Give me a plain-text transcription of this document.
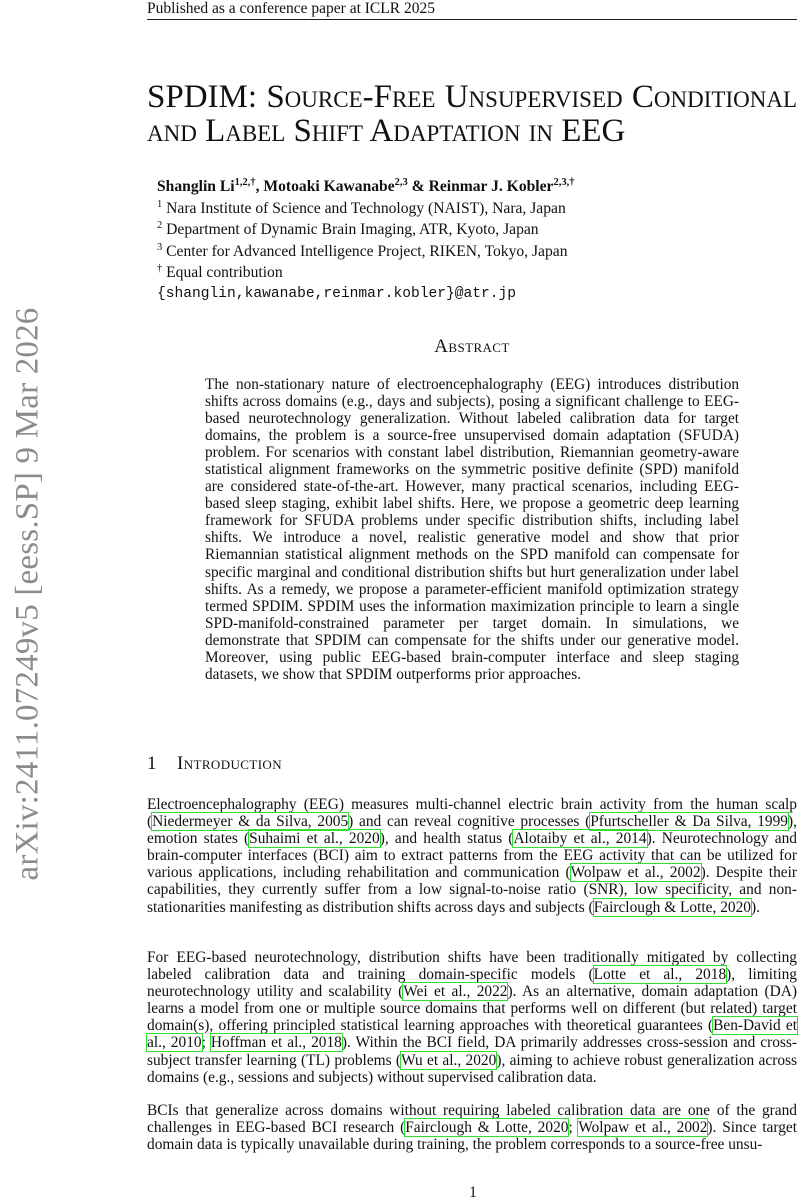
Published as a conference paper at ICLR 2025
arXiv:2411.07249v5 [eess.SP] 9 Mar 2026
SPDIM: Source-Free Unsupervised Conditional and Label Shift Adaptation in EEG
Shanglin $Li^{1,2,\dagger}$, Motoaki Kawanabe$^{2,3}$ & Reinmar J. Kobler$^{2,3,\dagger}$
$^1$ Nara Institute of Science and Technology (NAIST), Nara, Japan
$^2$ Department of Dynamic Brain Imaging, ATR, Kyoto, Japan
$^3$ Center for Advanced Intelligence Project, RIKEN, Tokyo, Japan
† Equal contribution
{shanglin,kawanabe,reinmar.kobler}@atr.jp
Abstract

The non-stationary nature of electroencephalography (EEG) introduces distribution shifts across domains (e.g., days and subjects), posing a significant challenge to EEG-based neurotechnology generalization. Without labeled calibration data for target domains, the problem is a source-free unsupervised domain adaptation (SFUDA) problem. For scenarios with constant label distribution, Riemannian geometry-aware statistical alignment frameworks on the symmetric positive definite (SPD) manifold are considered state-of-the-art. However, many practical scenarios, including EEG-based sleep staging, exhibit label shifts. Here, we propose a geometric deep learning framework for SFUDA problems under specific distribution shifts, including label shifts. We introduce a novel, realistic generative model and show that prior Riemannian statistical alignment methods on the SPD manifold can compensate for specific marginal and conditional distribution shifts but hurt generalization under label shifts. As a remedy, we propose a parameter-efficient manifold optimization strategy termed SPDIM. SPDIM uses the information maximization principle to learn a single SPD-manifold-constrained parameter per target domain. In simulations, we demonstrate that SPDIM can compensate for the shifts under our generative model. Moreover, using public EEG-based brain-computer interface and sleep staging datasets, we show that SPDIM outperforms prior approaches.

1 Introduction

Electroencephalography (EEG) measures multi-channel electric brain activity from the human scalp (Niedermeyer & da Silva, 2005) and can reveal cognitive processes (Pfurtscheller & Da Silva, 1999), emotion states (Suhaimi et al., 2020), and health status (Alotaiby et al., 2014). Neurotechnology and brain-computer interfaces (BCI) aim to extract patterns from the EEG activity that can be utilized for various applications, including rehabilitation and communication (Wolpaw et al., 2002). Despite their capabilities, they currently suffer from a low signal-to-noise ratio (SNR), low specificity, and non-stationarities manifesting as distribution shifts across days and subjects (Fairclough & Lotte, 2020).

For EEG-based neurotechnology, distribution shifts have been traditionally mitigated by collecting labeled calibration data and training domain-specific models (Lotte et al., 2018), limiting neurotechnology utility and scalability (Wei et al., 2022). As an alternative, domain adaptation (DA) learns a model from one or multiple source domains that performs well on different (but related) target domain(s), offering principled statistical learning approaches with theoretical guarantees (Ben-David et al., 2010; Hoffman et al., 2018). Within the BCI field, DA primarily addresses cross-session and cross-subject transfer learning (TL) problems (Wu et al., 2020), aiming to achieve robust generalization across domains (e.g., sessions and subjects) without supervised calibration data.

BCIs that generalize across domains without requiring labeled calibration data are one of the grand challenges in EEG-based BCI research (Fairclough & Lotte, 2020; Wolpaw et al., 2002). Since target domain data is typically unavailable during training, the problem corresponds to a source-free unsu-

1
